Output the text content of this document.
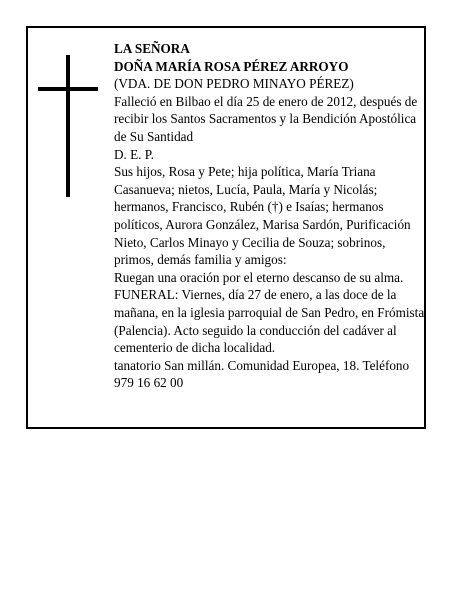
LA SEÑORA
DOÑA MARÍA ROSA PÉREZ ARROYO
(VDA. DE DON PEDRO MINAYO PÉREZ)
Falleció en Bilbao el día 25 de enero de 2012, después de recibir los Santos Sacramentos y la Bendición Apostólica de Su Santidad
D. E. P.
Sus hijos, Rosa y Pete; hija política, María Triana Casanueva; nietos, Lucía, Paula, María y Nicolás; hermanos, Francisco, Rubén (†) e Isaías; hermanos políticos, Aurora González, Marisa Sardón, Purificación Nieto, Carlos Minayo y Cecilia de Souza; sobrinos, primos, demás familia y amigos:
Ruegan una oración por el eterno descanso de su alma.
FUNERAL: Viernes, día 27 de enero, a las doce de la mañana, en la iglesia parroquial de San Pedro, en Frómista (Palencia). Acto seguido la conducción del cadáver al cementerio de dicha localidad.
tanatorio San millán. Comunidad Europea, 18. Teléfono 979 16 62 00
